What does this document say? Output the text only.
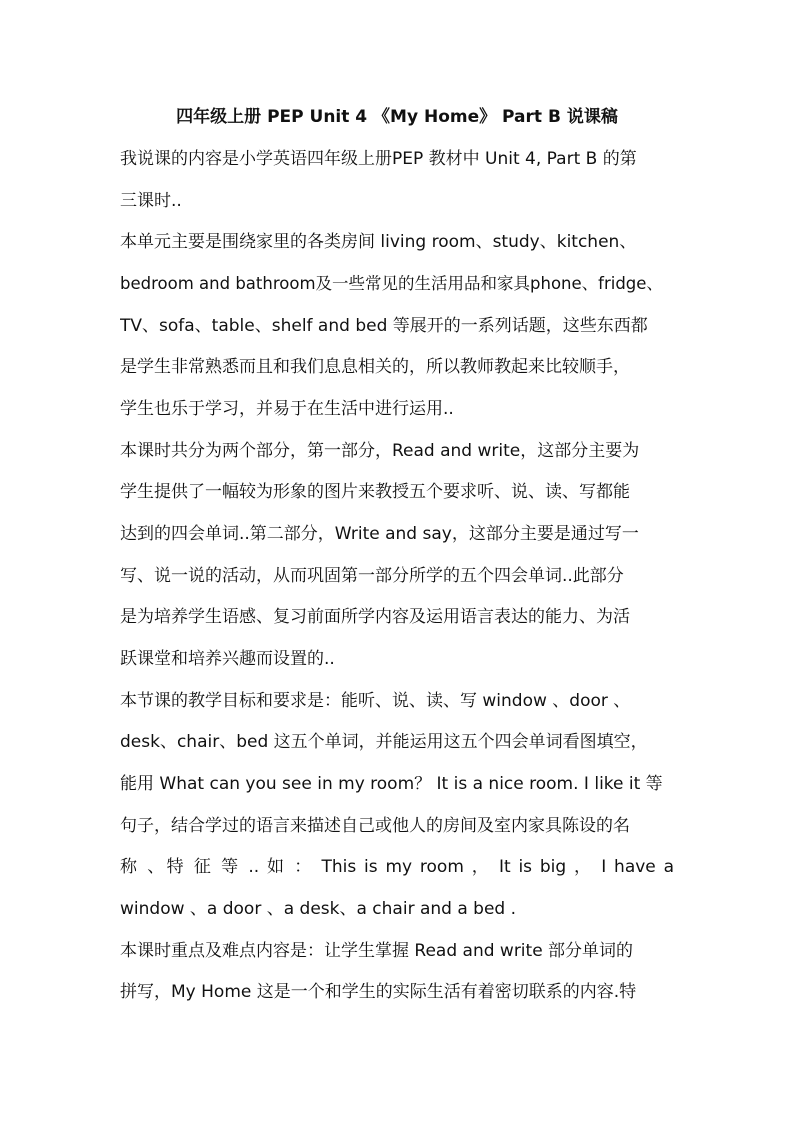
四年级上册 PEP Unit 4 《My Home》 Part B 说课稿
我说课的内容是小学英语四年级上册PEP 教材中 Unit 4, Part B 的第
三课时..
本单元主要是围绕家里的各类房间 living room、study、kitchen、
bedroom and bathroom及一些常见的生活用品和家具phone、fridge、
TV、sofa、table、shelf and bed 等展开的一系列话题，这些东西都
是学生非常熟悉而且和我们息息相关的，所以教师教起来比较顺手，
学生也乐于学习，并易于在生活中进行运用..
本课时共分为两个部分，第一部分，Read and write，这部分主要为
学生提供了一幅较为形象的图片来教授五个要求听、说、读、写都能
达到的四会单词..第二部分，Write and say，这部分主要是通过写一
写、说一说的活动，从而巩固第一部分所学的五个四会单词..此部分
是为培养学生语感、复习前面所学内容及运用语言表达的能力、为活
跃课堂和培养兴趣而设置的..
本节课的教学目标和要求是：能听、说、读、写 window 、door 、
desk、chair、bed 这五个单词，并能运用这五个四会单词看图填空，
能用 What can you see in my room？ It is a nice room. I like it 等
句子，结合学过的语言来描述自己或他人的房间及室内家具陈设的名
称 、特 征 等 .. 如 ： This is my room ， It is big ， I have a
window 、a door 、a desk、a chair and a bed .
本课时重点及难点内容是：让学生掌握 Read and write 部分单词的
拼写，My Home 这是一个和学生的实际生活有着密切联系的内容.特
